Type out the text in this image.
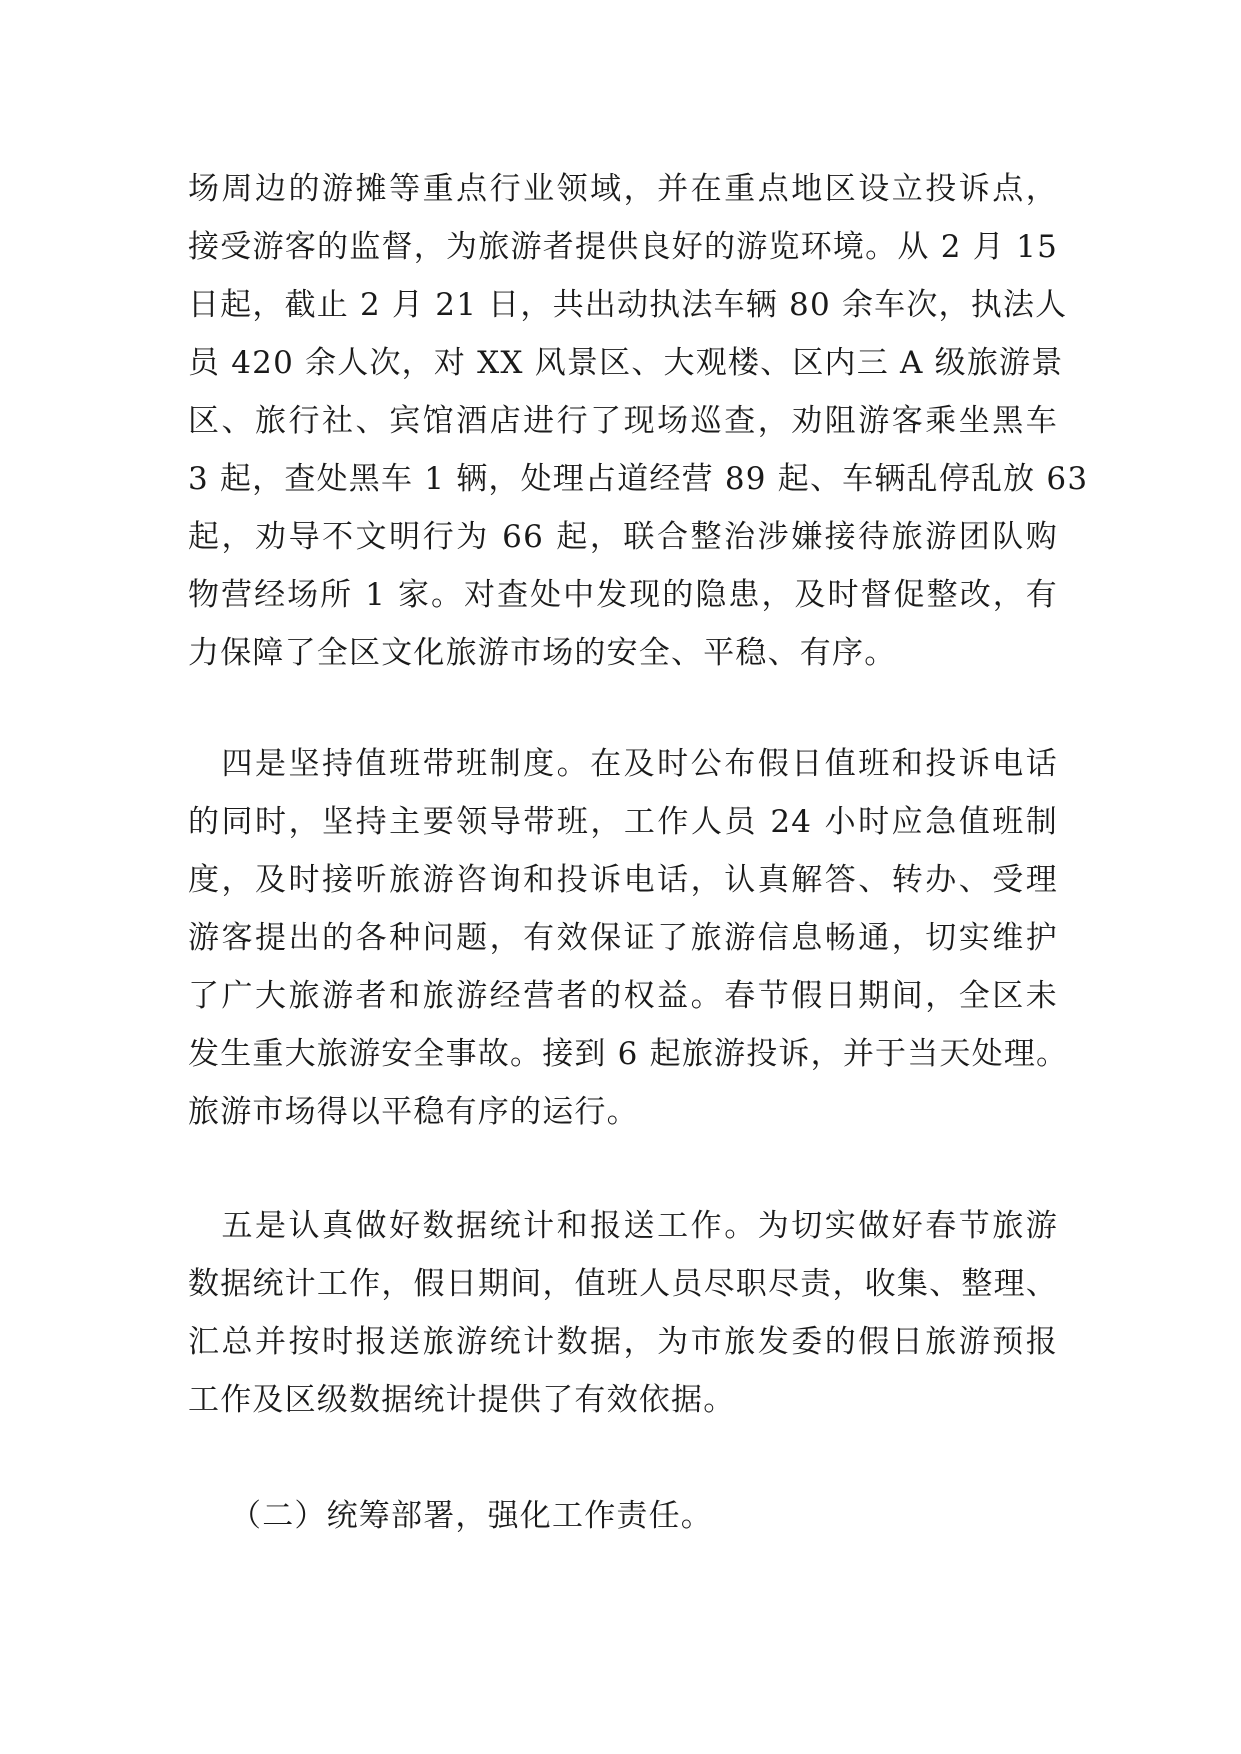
场周边的游摊等重点行业领域，并在重点地区设立投诉点，
接受游客的监督，为旅游者提供良好的游览环境。从 2 月 15
日起，截止 2 月 21 日，共出动执法车辆 80 余车次，执法人
员 420 余人次，对 XX 风景区、大观楼、区内三 A 级旅游景
区、旅行社、宾馆酒店进行了现场巡查，劝阻游客乘坐黑车
3 起，查处黑车 1 辆，处理占道经营 89 起、车辆乱停乱放 63
起，劝导不文明行为 66 起，联合整治涉嫌接待旅游团队购
物营经场所 1 家。对查处中发现的隐患，及时督促整改，有
力保障了全区文化旅游市场的安全、平稳、有序。
　四是坚持值班带班制度。在及时公布假日值班和投诉电话
的同时，坚持主要领导带班，工作人员 24 小时应急值班制
度，及时接听旅游咨询和投诉电话，认真解答、转办、受理
游客提出的各种问题，有效保证了旅游信息畅通，切实维护
了广大旅游者和旅游经营者的权益。春节假日期间，全区未
发生重大旅游安全事故。接到 6 起旅游投诉，并于当天处理。
旅游市场得以平稳有序的运行。
　五是认真做好数据统计和报送工作。为切实做好春节旅游
数据统计工作，假日期间，值班人员尽职尽责，收集、整理、
汇总并按时报送旅游统计数据，为市旅发委的假日旅游预报
工作及区级数据统计提供了有效依据。
（二）统筹部署，强化工作责任。
